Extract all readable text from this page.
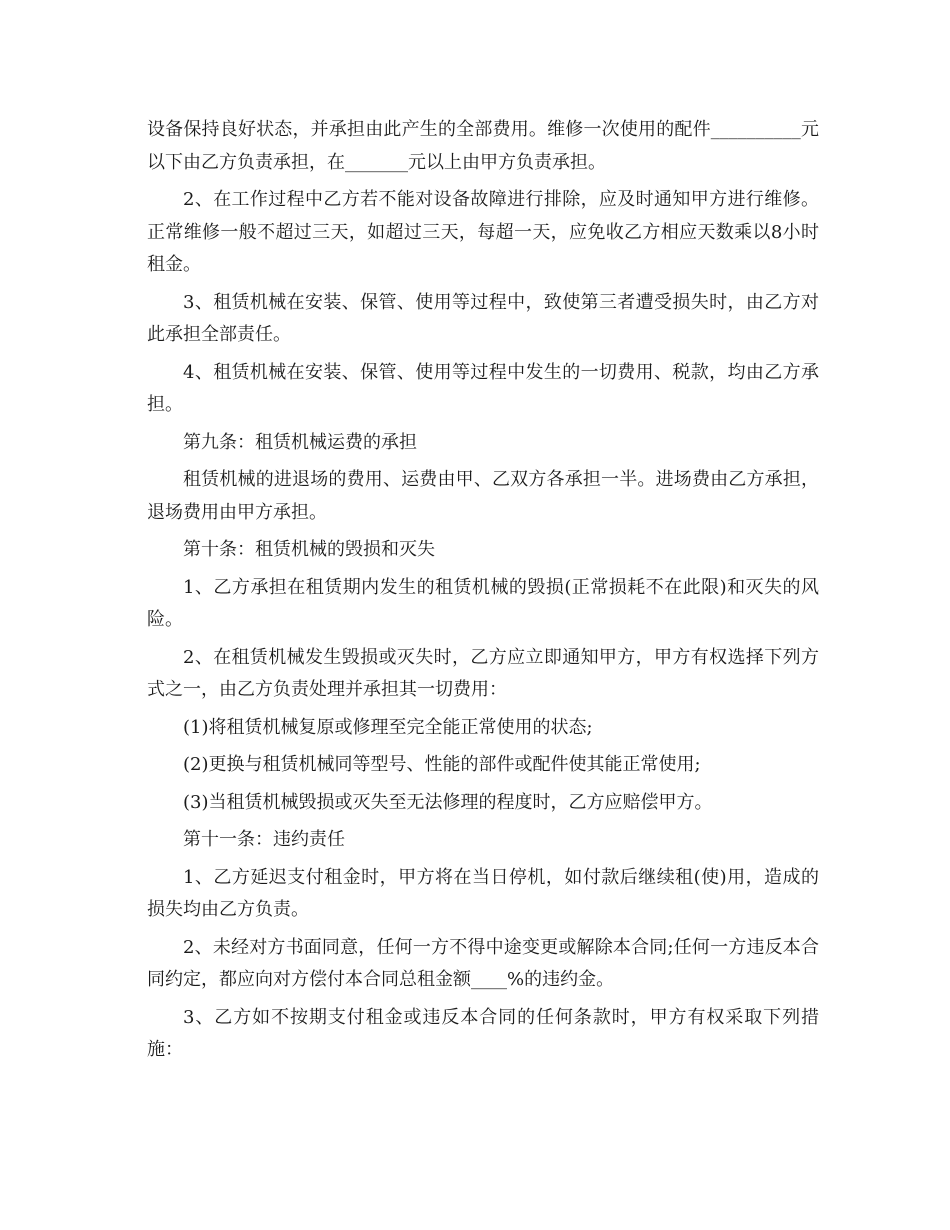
设备保持良好状态，并承担由此产生的全部费用。维修一次使用的配件__________元以下由乙方负责承担，在_______元以上由甲方负责承担。

2、在工作过程中乙方若不能对设备故障进行排除，应及时通知甲方进行维修。正常维修一般不超过三天，如超过三天，每超一天，应免收乙方相应天数乘以8小时租金。

3、租赁机械在安装、保管、使用等过程中，致使第三者遭受损失时，由乙方对此承担全部责任。

4、租赁机械在安装、保管、使用等过程中发生的一切费用、税款，均由乙方承担。

第九条：租赁机械运费的承担

租赁机械的进退场的费用、运费由甲、乙双方各承担一半。进场费由乙方承担，退场费用由甲方承担。

第十条：租赁机械的毁损和灭失

1、乙方承担在租赁期内发生的租赁机械的毁损(正常损耗不在此限)和灭失的风险。

2、在租赁机械发生毁损或灭失时，乙方应立即通知甲方，甲方有权选择下列方式之一，由乙方负责处理并承担其一切费用：

(1)将租赁机械复原或修理至完全能正常使用的状态;

(2)更换与租赁机械同等型号、性能的部件或配件使其能正常使用;

(3)当租赁机械毁损或灭失至无法修理的程度时，乙方应赔偿甲方。

第十一条：违约责任

1、乙方延迟支付租金时，甲方将在当日停机，如付款后继续租(使)用，造成的损失均由乙方负责。

2、未经对方书面同意，任何一方不得中途变更或解除本合同;任何一方违反本合同约定，都应向对方偿付本合同总租金额____%的违约金。

3、乙方如不按期支付租金或违反本合同的任何条款时，甲方有权采取下列措施：
